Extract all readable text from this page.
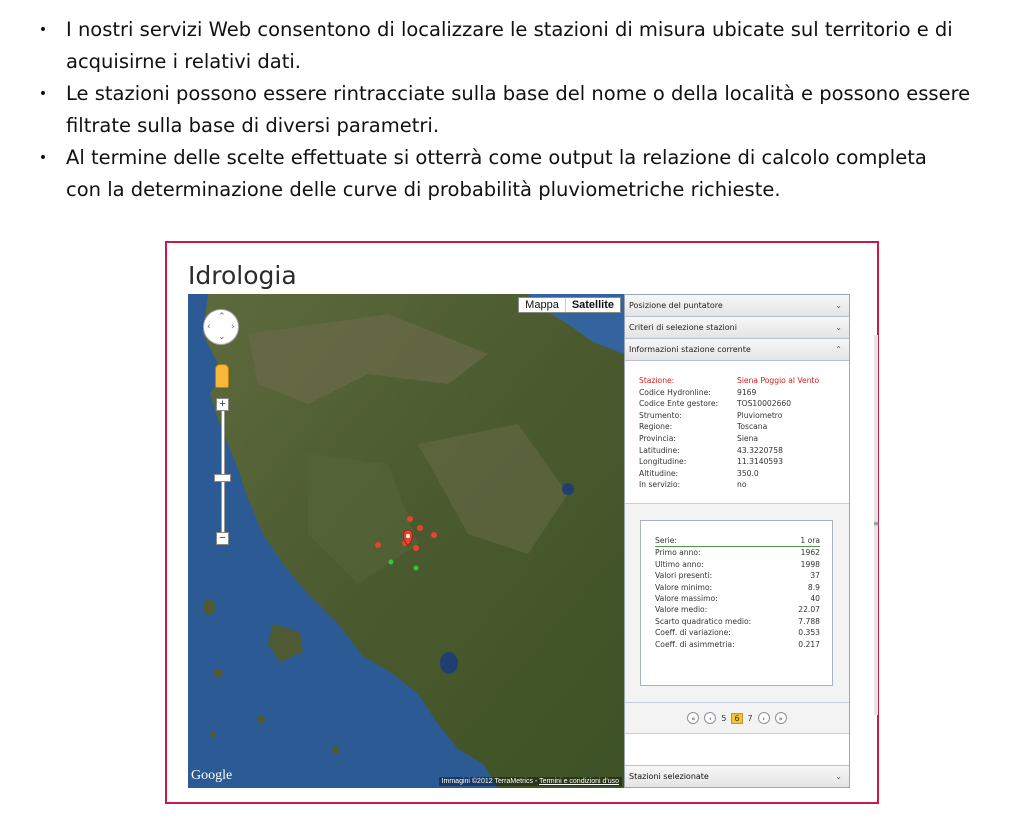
• I nostri servizi Web consentono di localizzare le stazioni di misura ubicate sul territorio e di

acquisirne i relativi dati.

• Le stazioni possono essere rintracciate sulla base del nome o della località e possono essere

filtrate sulla base di diversi parametri.

• Al termine delle scelte effettuate si otterrà come output la relazione di calcolo completa

con la determinazione delle curve di probabilità pluviometriche richieste.

Idrologia
≡
Mappa	Satellite
⌃
⌄
‹ ›
+
−
Google	Immagini ©2012 TerraMetrics - Termini e condizioni d'uso
Posizione del puntatore	⌄
Criteri di selezione stazioni	⌄
Informazioni stazione corrente	⌃
Stazione:	Siena Poggio al Vento
Codice Hydronline:	9169
Codice Ente gestore:	TOS10002660
Strumento:	Pluviometro
Regione:	Toscana
Provincia:	Siena
Latitudine:	43.3220758
Longitudine:	11.3140593
Altitudine:	350.0
In servizio:	no
Serie:	1 ora
Primo anno:	1962
Ultimo anno:	1998
Valori presenti:	37
Valore minimo:	8.9
Valore massimo:	40
Valore medio:	22.07
Scarto quadratico medio:	7.788
Coeff. di variazione:	0.353
Coeff. di asimmetria:	0.217
«	‹	5	6	7	›	»
Stazioni selezionate	⌄
